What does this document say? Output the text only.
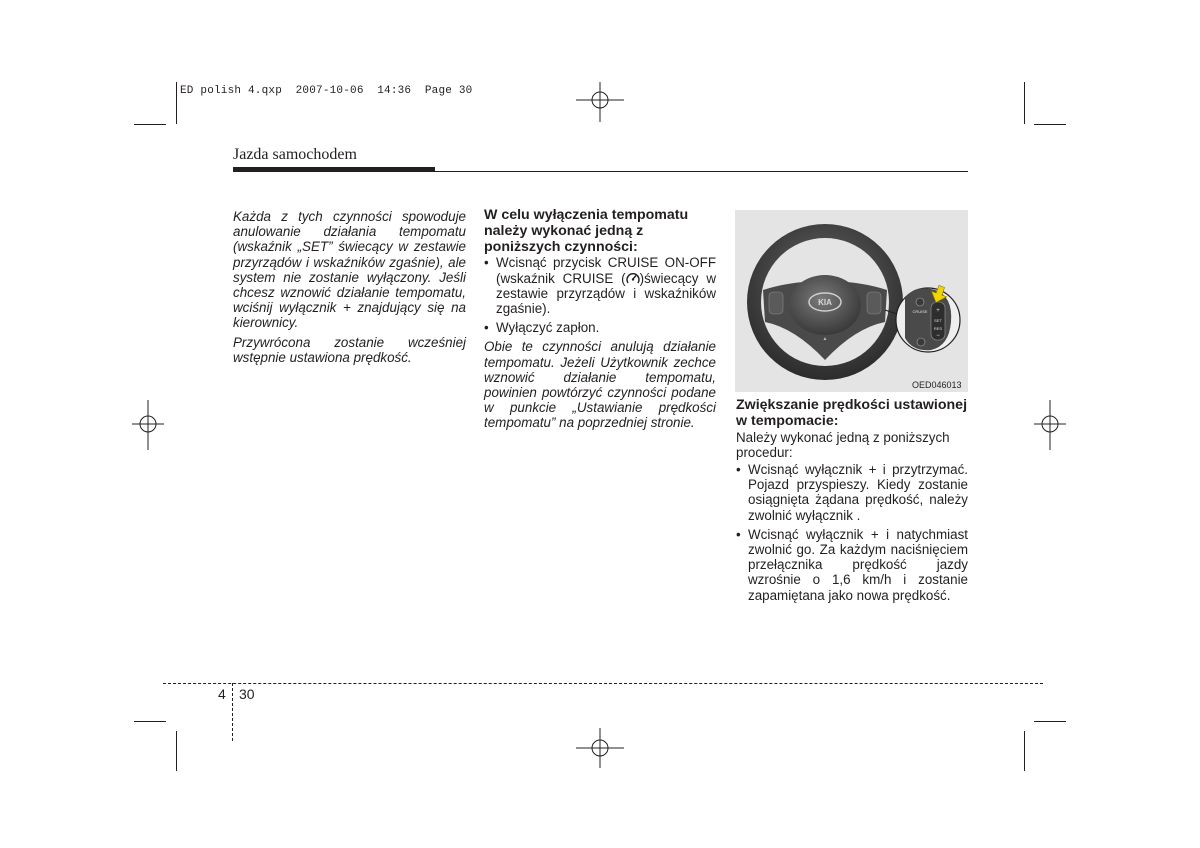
ED polish 4.qxp  2007-10-06  14:36  Page 30
Jazda samochodem

Każda z tych czynności spowoduje anulowanie działania tempomatu (wskaźnik „SET” świecący w zestawie przyrządów i wskaźników zgaśnie), ale system nie zostanie wyłączony. Jeśli chcesz wznowić działanie tempomatu, wciśnij wyłącznik + znajdujący się na kierownicy.

Przywrócona zostanie wcześniej wstępnie ustawiona prędkość.

W celu wyłączenia tempomatu należy wykonać jedną z poniższych czynności:

• Wcisnąć przycisk CRUISE ON-OFF (wskaźnik CRUISE ( )świecący w zestawie przyrządów i wskaźników zgaśnie).
• Wyłączyć zapłon.

Obie te czynności anulują działanie tempomatu. Jeżeli Użytkownik zechce wznowić działanie tempomatu, powinien powtórzyć czynności podane w punkcie „Ustawianie prędkości tempomatu” na poprzedniej stronie.

KIA
▲
+
SET
CRUISE
RES
−
OED046013

Zwiększanie prędkości ustawionej w tempomacie:

Należy wykonać jedną z poniższych procedur:

• Wcisnąć wyłącznik + i przytrzymać. Pojazd przyspieszy. Kiedy zostanie osiągnięta żądana prędkość, należy zwolnić wyłącznik .
• Wcisnąć wyłącznik + i natychmiast zwolnić go. Za każdym naciśnięciem przełącznika prędkość jazdy wzrośnie o 1,6 km/h i zostanie zapamiętana jako nowa prędkość.
4 30
